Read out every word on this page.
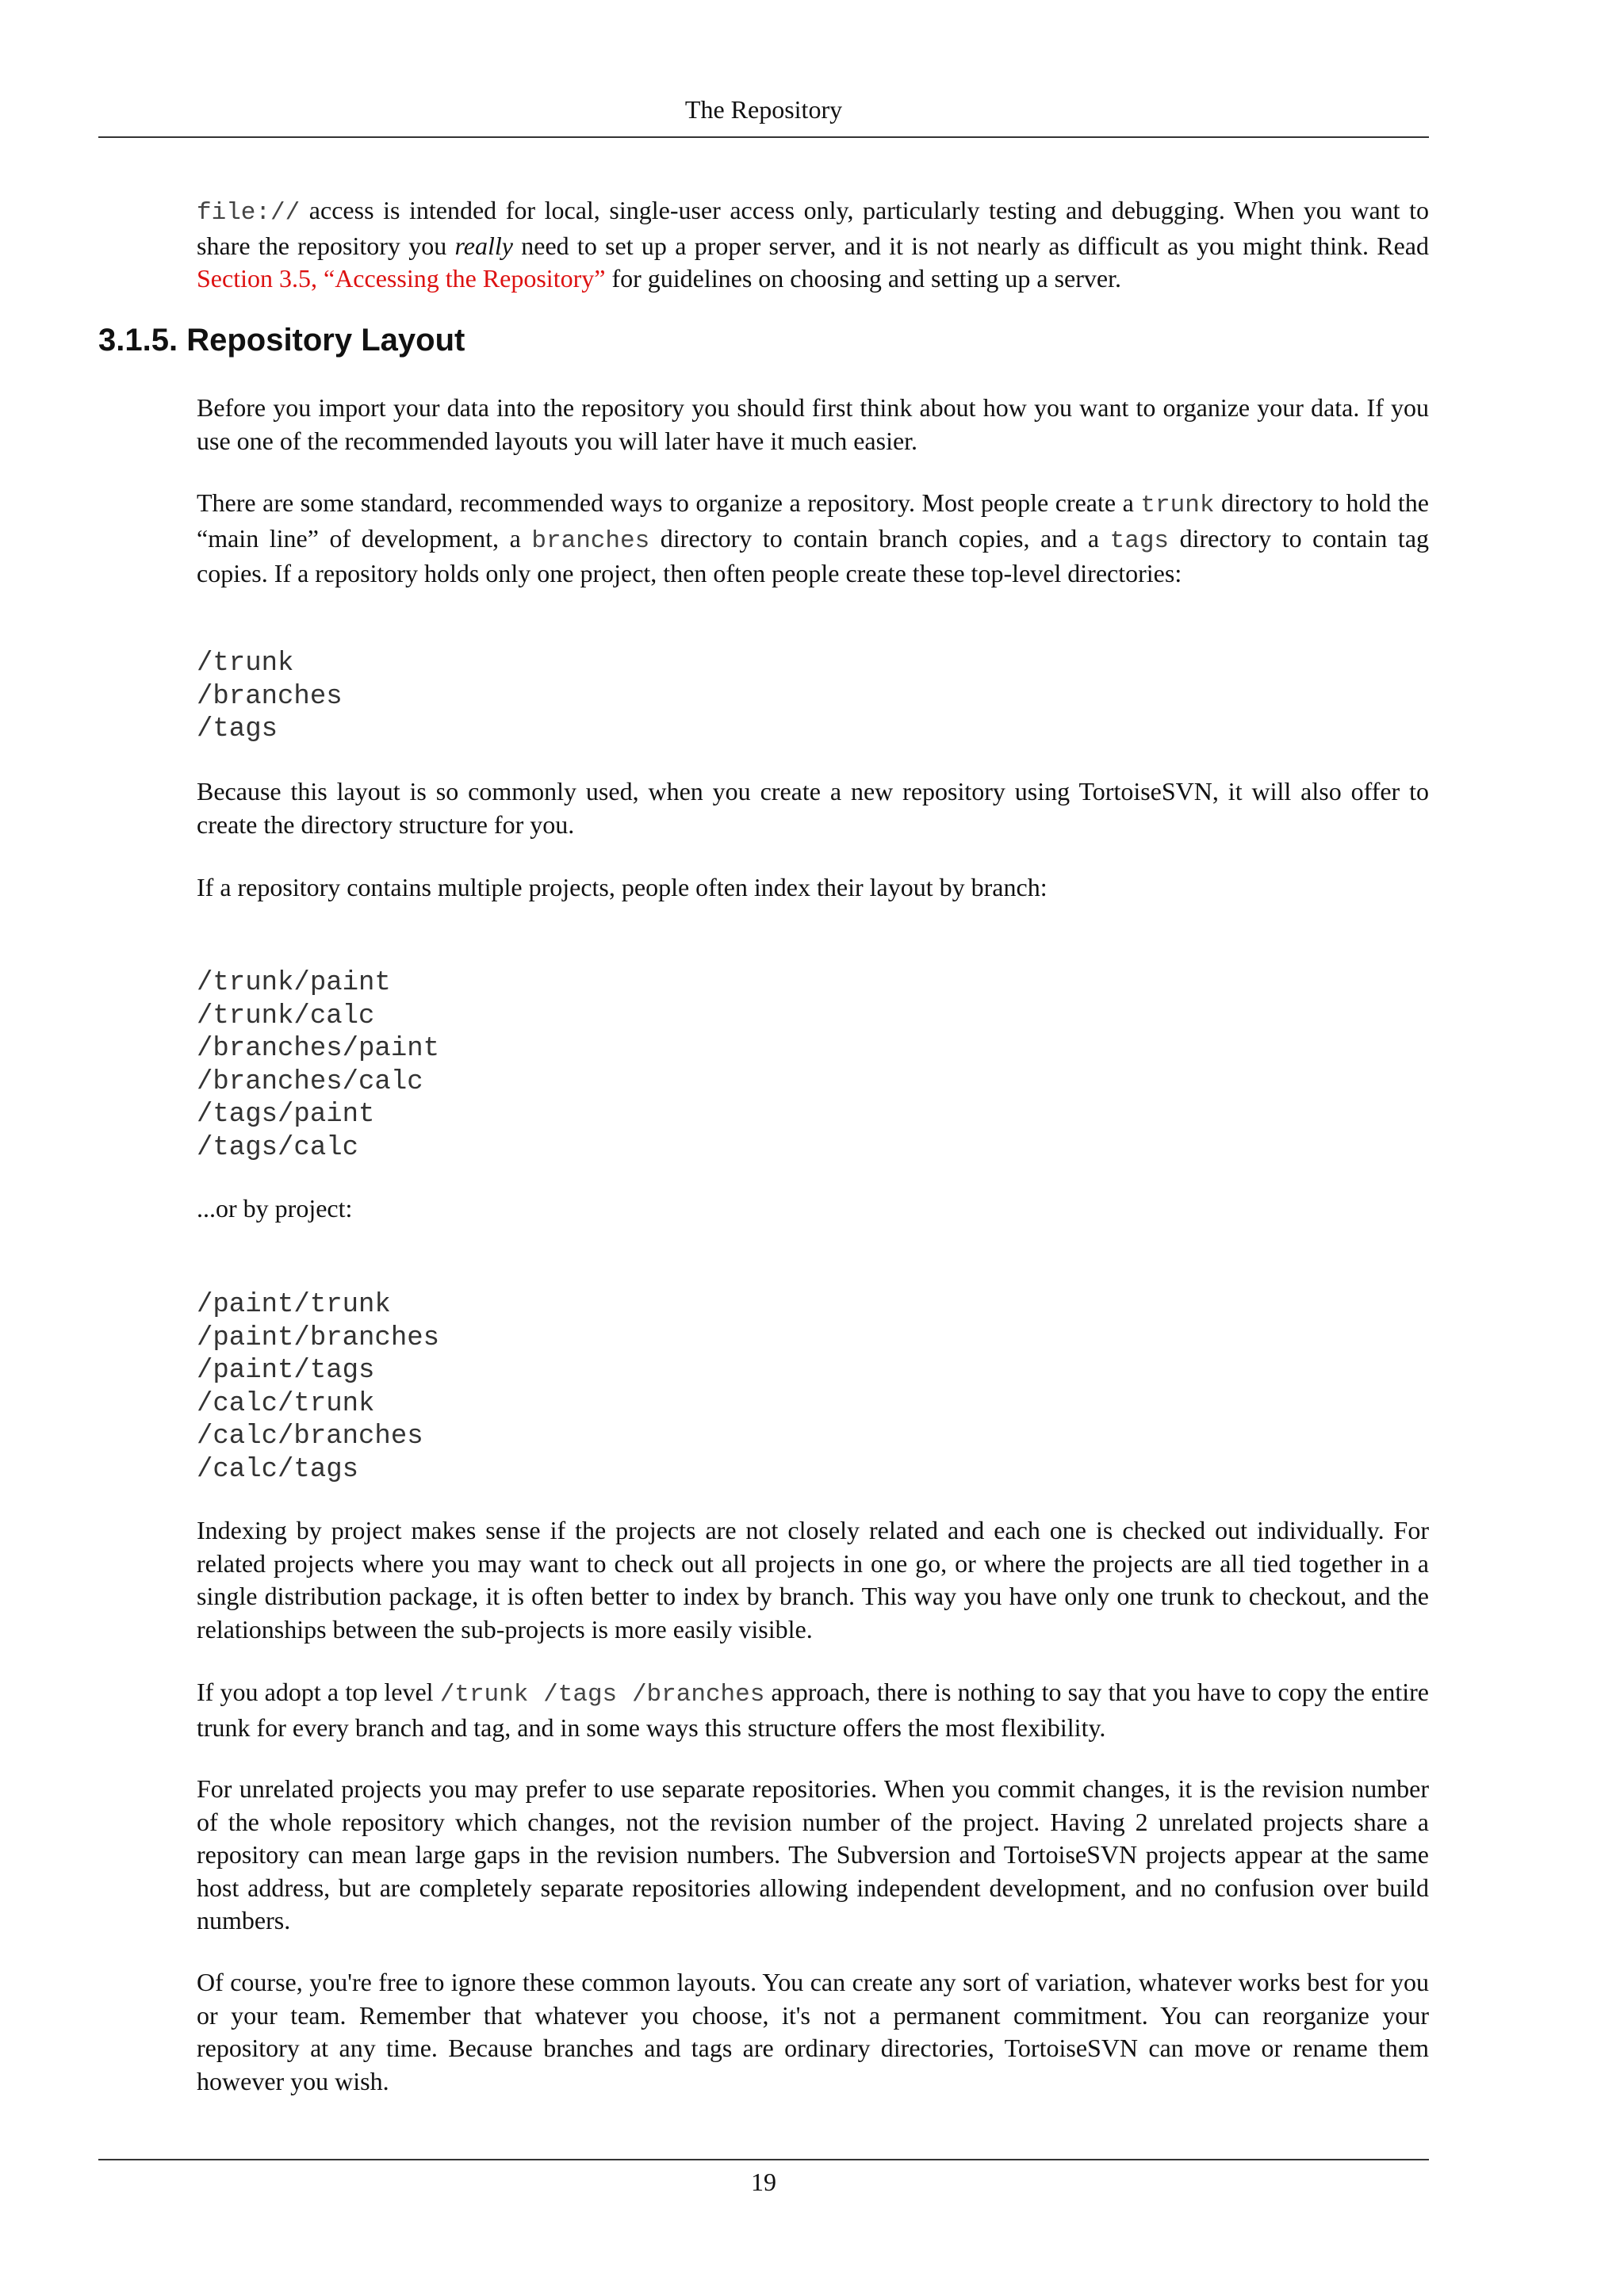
The Repository

file:// access is intended for local, single-user access only, particularly testing and debugging. When you want to share the repository you really need to set up a proper server, and it is not nearly as difficult as you might think. Read Section 3.5, “Accessing the Repository” for guidelines on choosing and setting up a server.

3.1.5. Repository Layout

Before you import your data into the repository you should first think about how you want to organize your data. If you use one of the recommended layouts you will later have it much easier.

There are some standard, recommended ways to organize a repository. Most people create a trunk directory to hold the “main line” of development, a branches directory to contain branch copies, and a tags directory to contain tag copies. If a repository holds only one project, then often people create these top-level directories:

/trunk
/branches
/tags

Because this layout is so commonly used, when you create a new repository using TortoiseSVN, it will also offer to create the directory structure for you.

If a repository contains multiple projects, people often index their layout by branch:

/trunk/paint
/trunk/calc
/branches/paint
/branches/calc
/tags/paint
/tags/calc

...or by project:

/paint/trunk
/paint/branches
/paint/tags
/calc/trunk
/calc/branches
/calc/tags

Indexing by project makes sense if the projects are not closely related and each one is checked out individually. For related projects where you may want to check out all projects in one go, or where the projects are all tied together in a single distribution package, it is often better to index by branch. This way you have only one trunk to checkout, and the relationships between the sub-projects is more easily visible.

If you adopt a top level /trunk /tags /branches approach, there is nothing to say that you have to copy the entire trunk for every branch and tag, and in some ways this structure offers the most flexibility.

For unrelated projects you may prefer to use separate repositories. When you commit changes, it is the revision number of the whole repository which changes, not the revision number of the project. Having 2 unrelated projects share a repository can mean large gaps in the revision numbers. The Subversion and TortoiseSVN projects appear at the same host address, but are completely separate repositories allowing independent development, and no confusion over build numbers.

Of course, you're free to ignore these common layouts. You can create any sort of variation, whatever works best for you or your team. Remember that whatever you choose, it's not a permanent commitment. You can reorganize your repository at any time. Because branches and tags are ordinary directories, TortoiseSVN can move or rename them however you wish.

19
